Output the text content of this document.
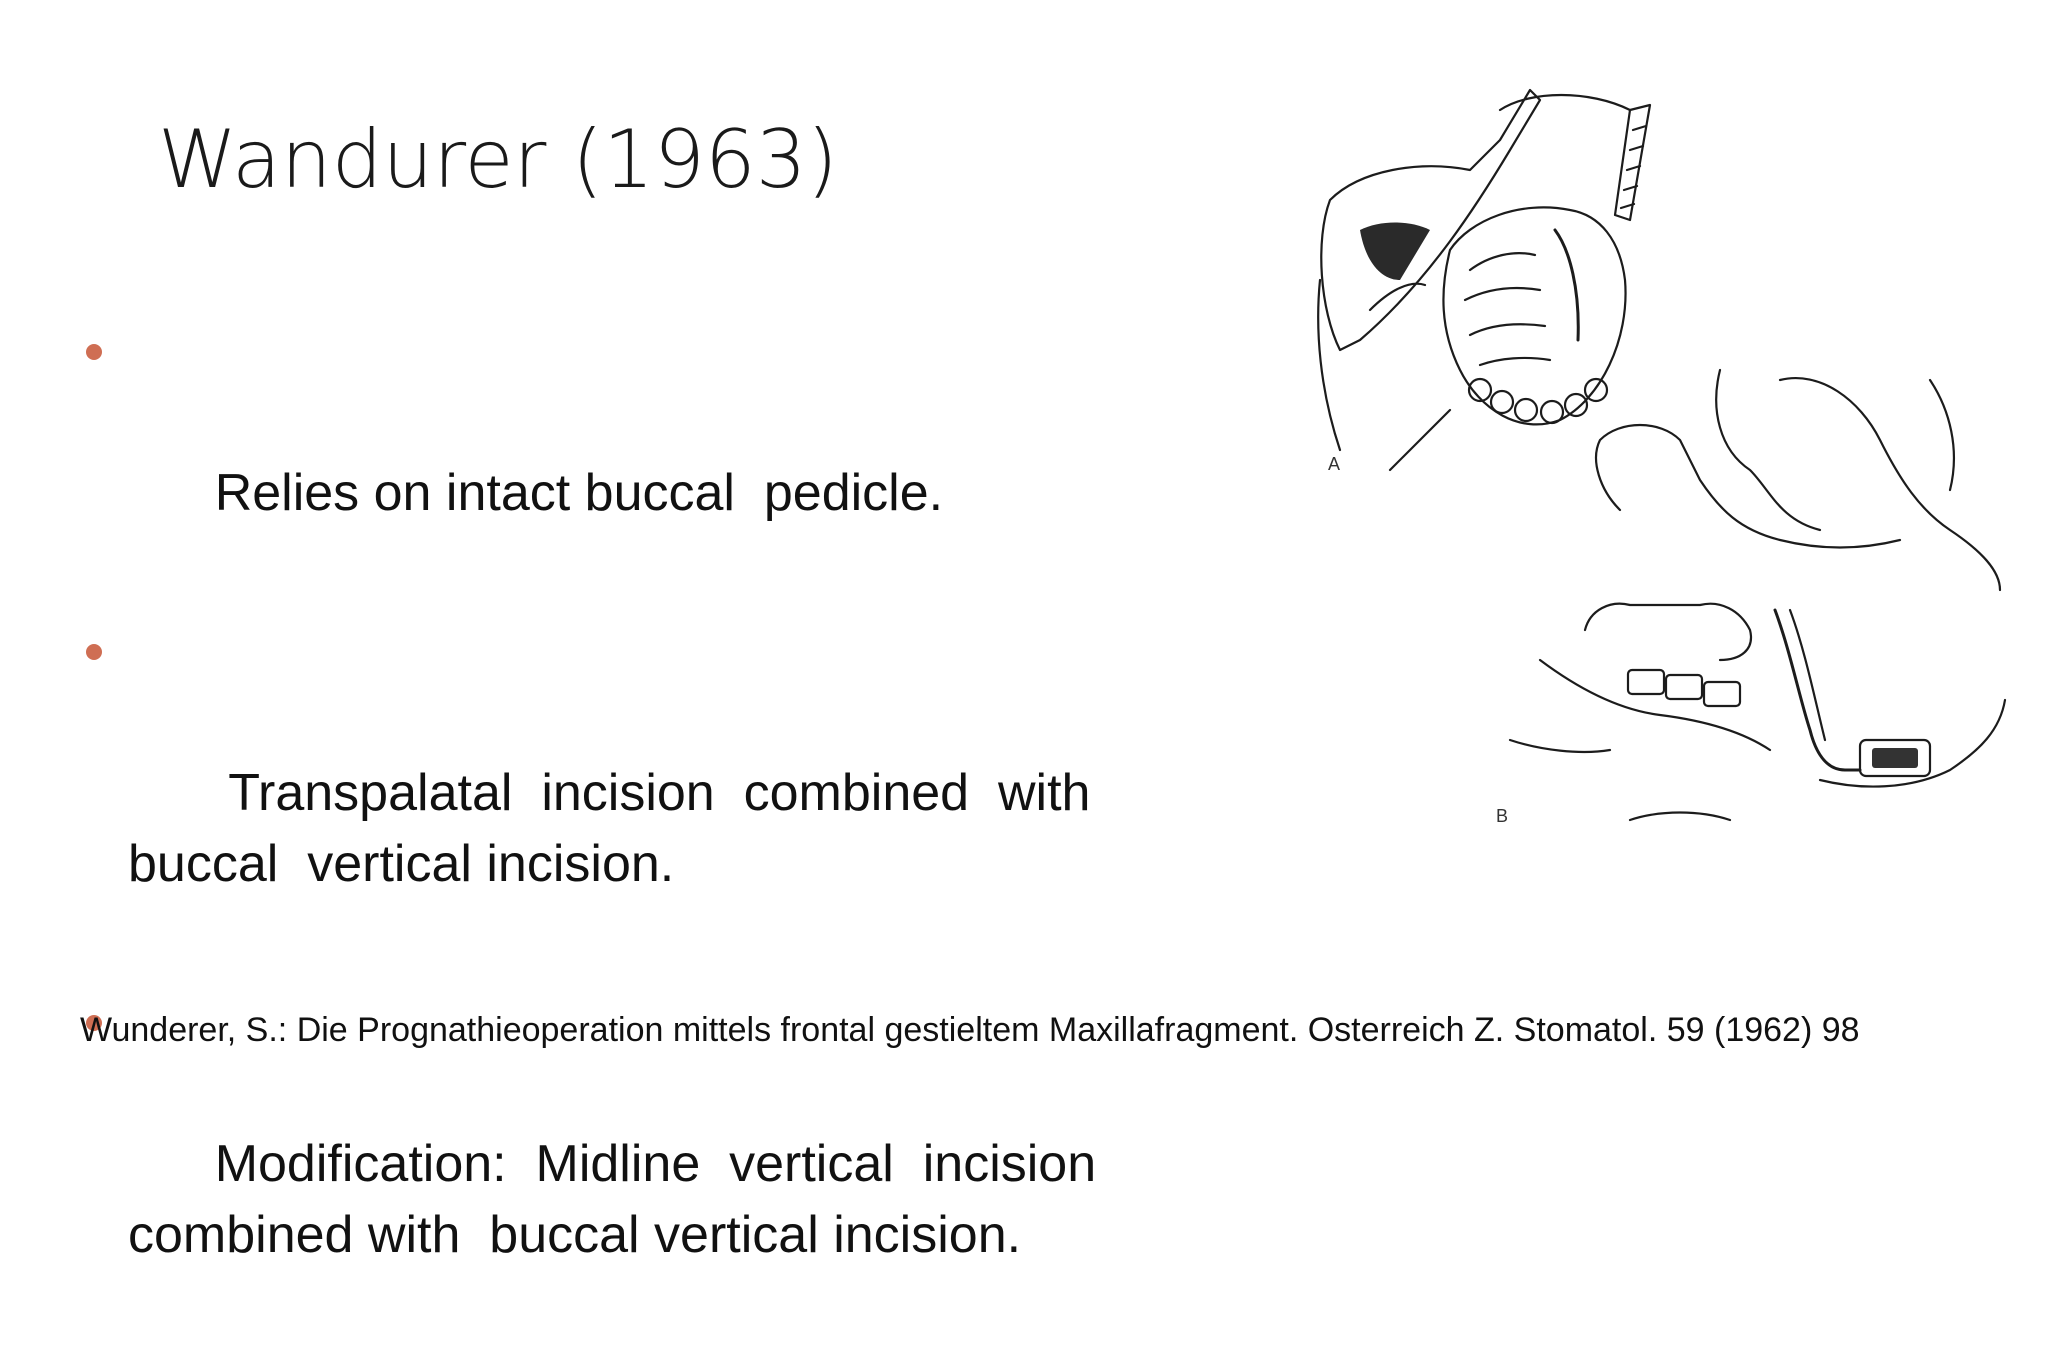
Wandurer (1963)

Relies on intact buccal  pedicle.

Transpalatal  incision  combined  with buccal  vertical incision.

Modification:  Midline  vertical  incision combined with  buccal vertical incision.

A
B

Wunderer, S.: Die Prognathieoperation mittels frontal gestieltem Maxillafragment. Osterreich Z. Stomatol. 59 (1962) 98
